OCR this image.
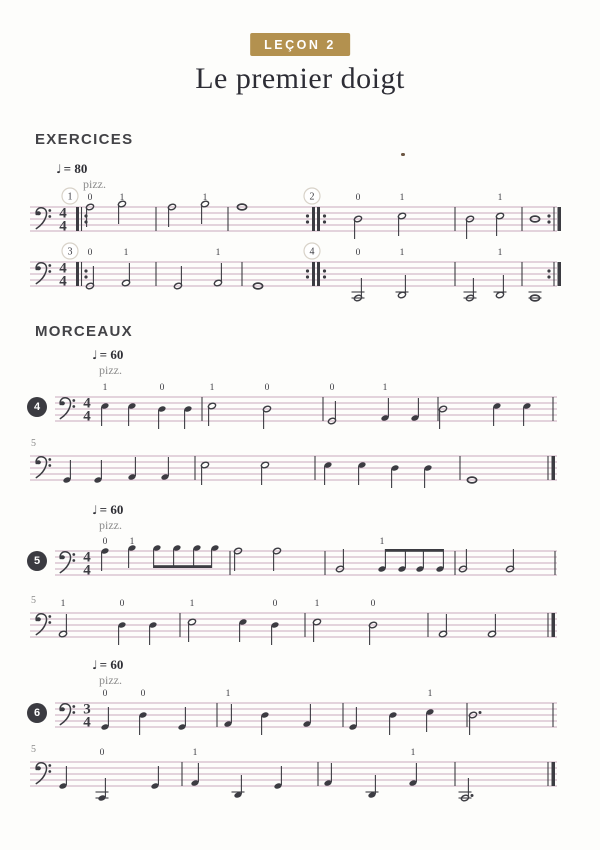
LEÇON 2
Le premier doigt
EXERCICES
MORCEAUX
♩ = 80
pizz.
♩ = 60
pizz.
♩ = 60
pizz.
♩ = 60
pizz.
4
5
6
1	2
4
4
0	1	1	0	1	1
3	4
4
4
0	1	1	0	1	1
4
4
1	0	1	0	0	1
5
4
4
0 1	1
5	1	0	1	0	1	0
3
4
0	0	1	1
5	0	1	1
